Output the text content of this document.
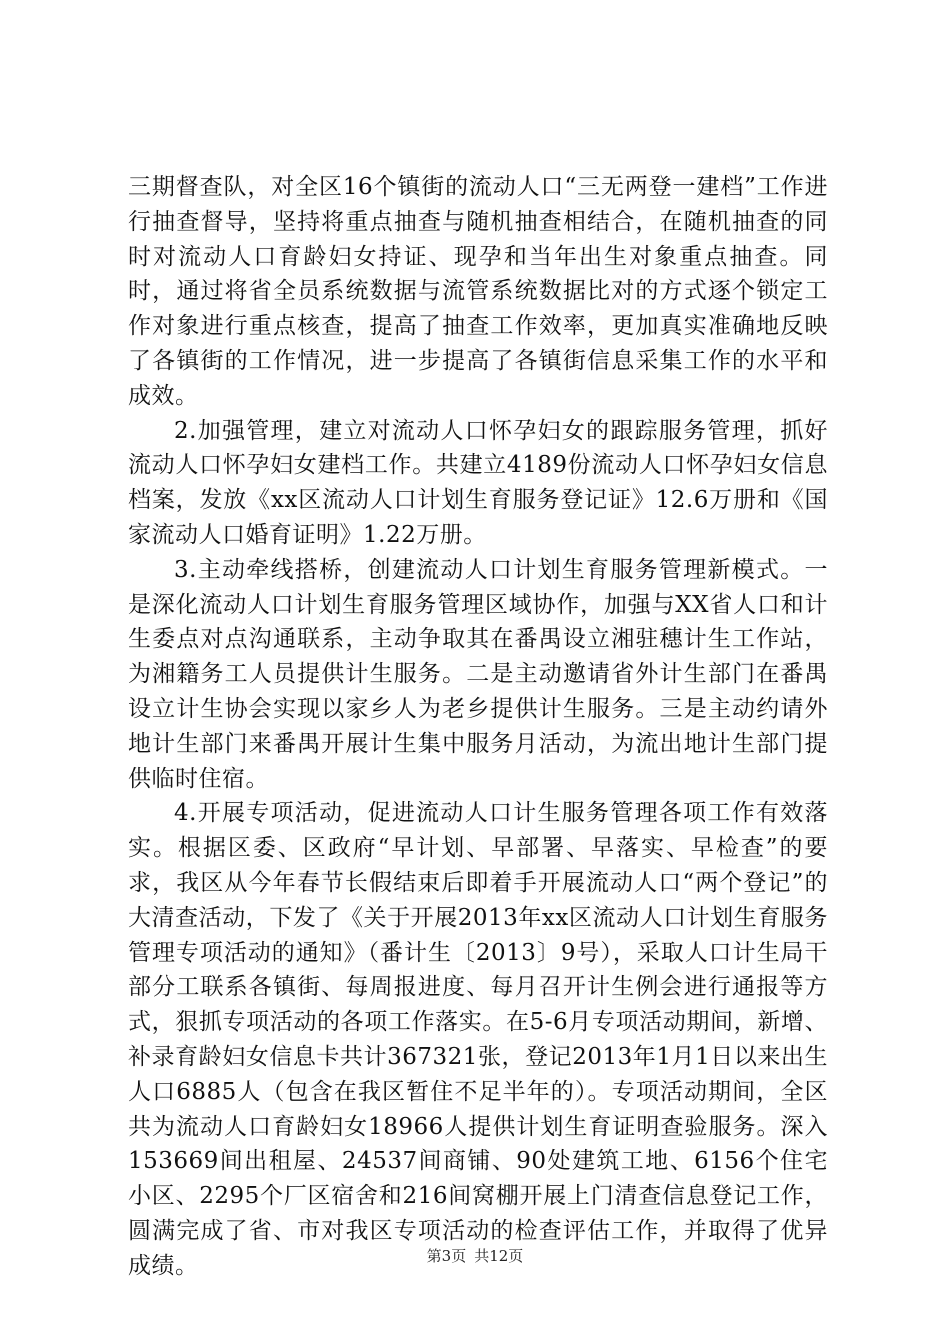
三期督查队，对全区16个镇街的流动人口“三无两登一建档”工作进行抽查督导，坚持将重点抽查与随机抽查相结合，在随机抽查的同时对流动人口育龄妇女持证、现孕和当年出生对象重点抽查。同时，通过将省全员系统数据与流管系统数据比对的方式逐个锁定工作对象进行重点核查，提高了抽查工作效率，更加真实准确地反映了各镇街的工作情况，进一步提高了各镇街信息采集工作的水平和成效。

2.加强管理，建立对流动人口怀孕妇女的跟踪服务管理，抓好流动人口怀孕妇女建档工作。共建立4189份流动人口怀孕妇女信息档案，发放《xx区流动人口计划生育服务登记证》12.6万册和《国家流动人口婚育证明》1.22万册。

3.主动牵线搭桥，创建流动人口计划生育服务管理新模式。一是深化流动人口计划生育服务管理区域协作，加强与XX省人口和计生委点对点沟通联系，主动争取其在番禺设立湘驻穗计生工作站，为湘籍务工人员提供计生服务。二是主动邀请省外计生部门在番禺设立计生协会实现以家乡人为老乡提供计生服务。三是主动约请外地计生部门来番禺开展计生集中服务月活动，为流出地计生部门提供临时住宿。

4.开展专项活动，促进流动人口计生服务管理各项工作有效落实。根据区委、区政府“早计划、早部署、早落实、早检查”的要求，我区从今年春节长假结束后即着手开展流动人口“两个登记”的大清查活动，下发了《关于开展2013年xx区流动人口计划生育服务管理专项活动的通知》（番计生〔2013〕9号），采取人口计生局干部分工联系各镇街、每周报进度、每月召开计生例会进行通报等方式，狠抓专项活动的各项工作落实。在5-6月专项活动期间，新增、补录育龄妇女信息卡共计367321张，登记2013年1月1日以来出生人口6885人（包含在我区暂住不足半年的）。专项活动期间，全区共为流动人口育龄妇女18966人提供计划生育证明查验服务。深入153669间出租屋、24537间商铺、90处建筑工地、6156个住宅小区、2295个厂区宿舍和216间窝棚开展上门清查信息登记工作，圆满完成了省、市对我区专项活动的检查评估工作，并取得了优异成绩。	第3页 共12页
